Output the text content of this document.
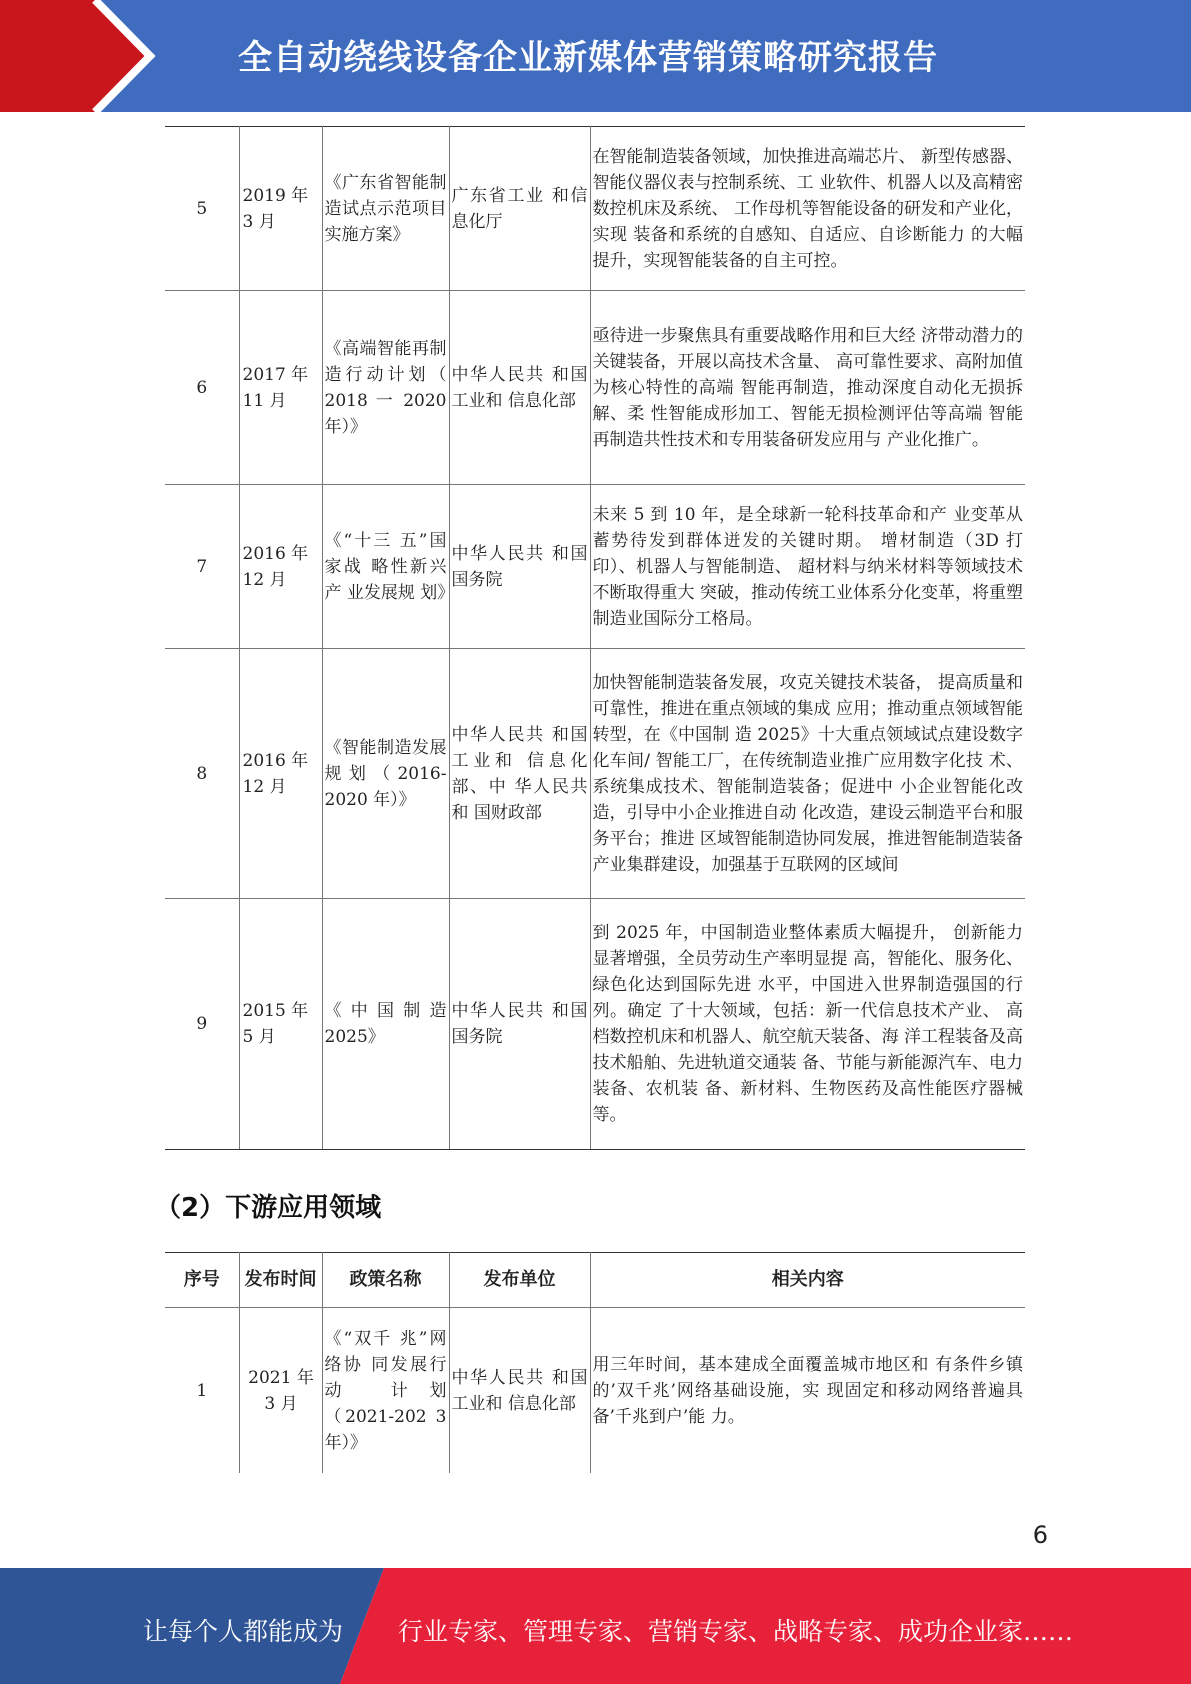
全自动绕线设备企业新媒体营销策略研究报告
5	2019 年 3 月	《广东省智能制造试点示范项目实施方案》	广东省工业 和信息化厅	在智能制造装备领域，加快推进高端芯片、 新型传感器、智能仪器仪表与控制系统、工 业软件、机器人以及高精密数控机床及系统、 工作母机等智能设备的研发和产业化，实现 装备和系统的自感知、自适应、自诊断能力 的大幅提升，实现智能装备的自主可控。
6	2017 年 11 月	《高端智能再制造行动计划（ 2018 一 2020 年）》	中华人民共 和国工业和 信息化部	亟待进一步聚焦具有重要战略作用和巨大经 济带动潜力的关键装备，开展以高技术含量、 高可靠性要求、高附加值为核心特性的高端 智能再制造，推动深度自动化无损拆解、柔 性智能成形加工、智能无损检测评估等高端 智能再制造共性技术和专用装备研发应用与 产业化推广。
7	2016 年 12 月	《“十三 五”国家战 略性新兴产 业发展规 划》	中华人民共 和国国务院	未来 5 到 10 年，是全球新一轮科技革命和产 业变革从蓄势待发到群体迸发的关键时期。 增材制造（3D 打印）、机器人与智能制造、 超材料与纳米材料等领域技术不断取得重大 突破，推动传统工业体系分化变革，将重塑 制造业国际分工格局。
8	2016 年 12 月	《智能制造发展规划（2016-2020 年）》	中华人民共 和国工业和 信息化部、中 华人民共和 国财政部	加快智能制造装备发展，攻克关键技术装备， 提高质量和可靠性，推进在重点领域的集成 应用；推动重点领域智能转型，在《中国制 造 2025》十大重点领域试点建设数字化车间/ 智能工厂，在传统制造业推广应用数字化技 术、系统集成技术、智能制造装备；促进中 小企业智能化改造，引导中小企业推进自动 化改造，建设云制造平台和服务平台；推进 区域智能制造协同发展，推进智能制造装备产业集群建设，加强基于互联网的区域间
9	2015 年 5 月	《中国制造 2025》	中华人民共 和国国务院	到 2025 年，中国制造业整体素质大幅提升， 创新能力显著增强，全员劳动生产率明显提 高，智能化、服务化、绿色化达到国际先进 水平，中国进入世界制造强国的行列。确定 了十大领域，包括：新一代信息技术产业、 高档数控机床和机器人、航空航天装备、海 洋工程装备及高技术船舶、先进轨道交通装 备、节能与新能源汽车、电力装备、农机装 备、新材料、生物医药及高性能医疗器械等。
（2）下游应用领域
序号	发布时间	政策名称	发布单位	相关内容
1	2021 年 3 月	《“双千 兆”网络协 同发展行动 计划（2021-202 3 年）》	中华人民共 和国工业和 信息化部	用三年时间，基本建成全面覆盖城市地区和 有条件乡镇的’双千兆’网络基础设施，实 现固定和移动网络普遍具备’千兆到户’能 力。
6
让每个人都能成为 行业专家、管理专家、营销专家、战略专家、成功企业家……
